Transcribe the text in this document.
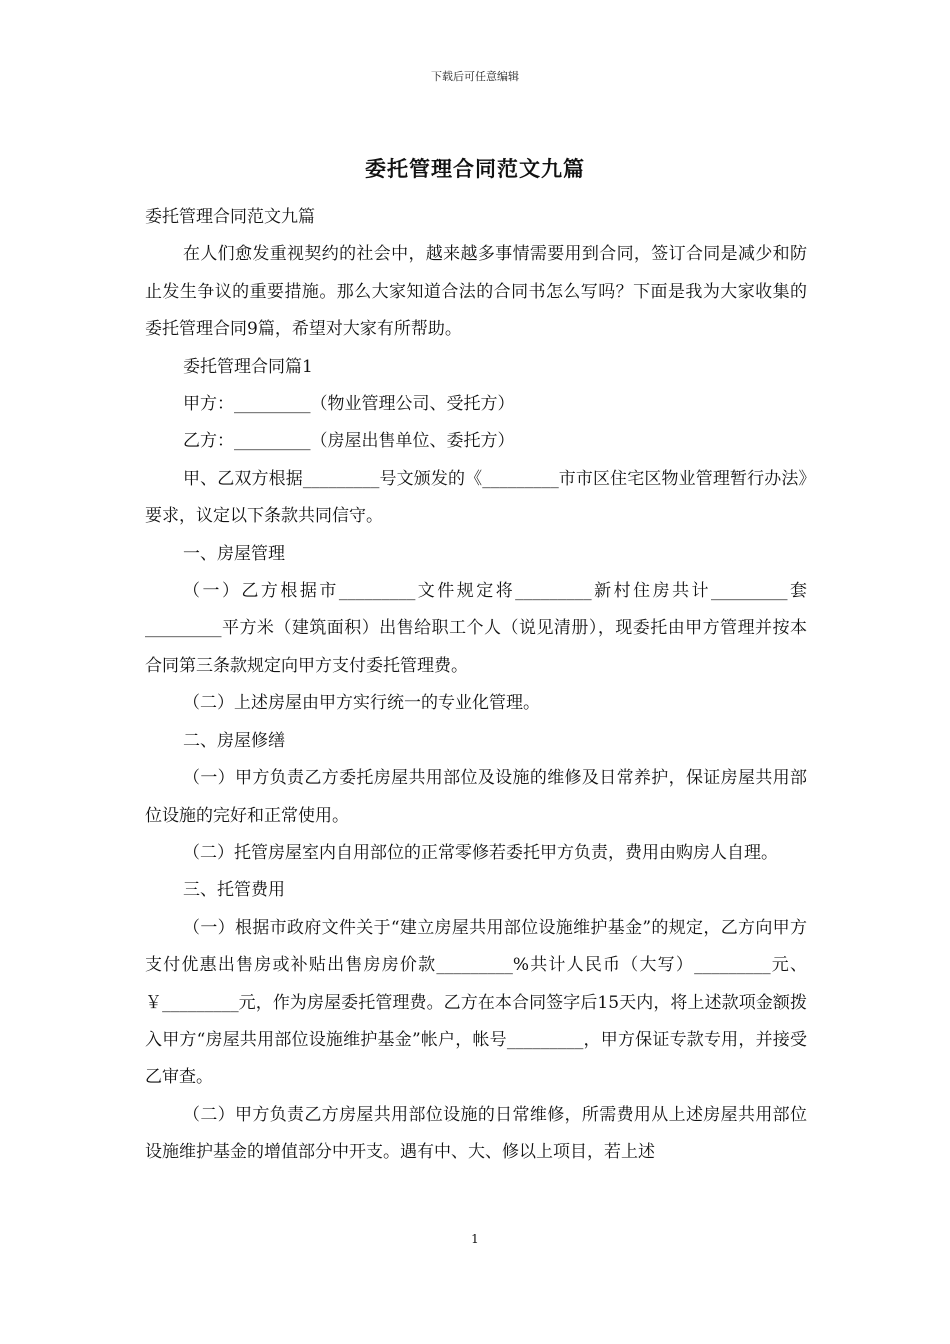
下载后可任意编辑
委托管理合同范文九篇

委托管理合同范文九篇

在人们愈发重视契约的社会中，越来越多事情需要用到合同，签订合同是减少和防止发生争议的重要措施。那么大家知道合法的合同书怎么写吗？下面是我为大家收集的委托管理合同9篇，希望对大家有所帮助。

委托管理合同篇1

甲方：_________（物业管理公司、受托方）

乙方：_________（房屋出售单位、委托方）

甲、乙双方根据_________号文颁发的《_________市市区住宅区物业管理暂行办法》要求，议定以下条款共同信守。

一、房屋管理

（一）乙方根据市_________文件规定将_________新村住房共计_________套_________平方米（建筑面积）出售给职工个人（说见清册），现委托由甲方管理并按本合同第三条款规定向甲方支付委托管理费。

（二）上述房屋由甲方实行统一的专业化管理。

二、房屋修缮

（一）甲方负责乙方委托房屋共用部位及设施的维修及日常养护，保证房屋共用部位设施的完好和正常使用。

（二）托管房屋室内自用部位的正常零修若委托甲方负责，费用由购房人自理。

三、托管费用

（一）根据市政府文件关于“建立房屋共用部位设施维护基金”的规定，乙方向甲方支付优惠出售房或补贴出售房房价款_________%共计人民币（大写）_________元、￥_________元，作为房屋委托管理费。乙方在本合同签字后15天内，将上述款项金额拨入甲方“房屋共用部位设施维护基金”帐户，帐号_________，甲方保证专款专用，并接受乙审查。

（二）甲方负责乙方房屋共用部位设施的日常维修，所需费用从上述房屋共用部位设施维护基金的增值部分中开支。遇有中、大、修以上项目，若上述

1
